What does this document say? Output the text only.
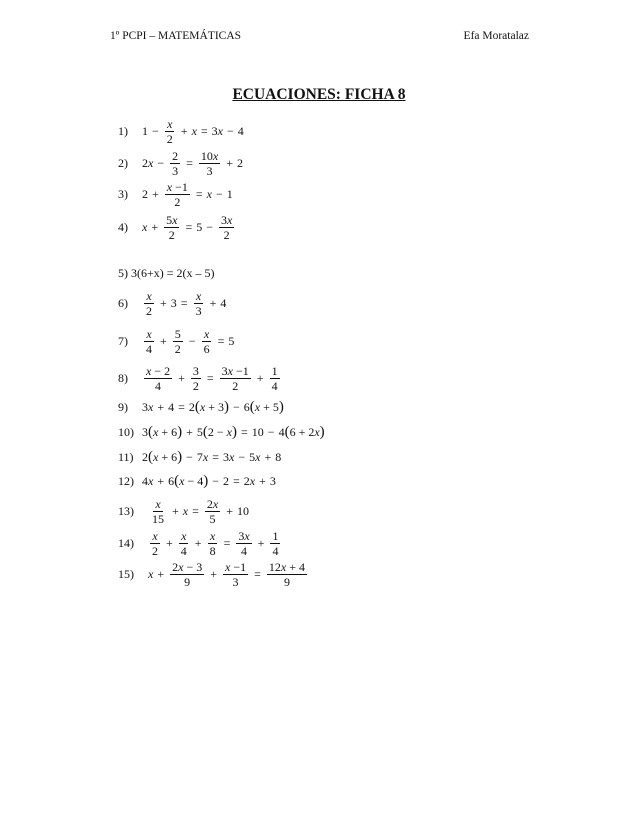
1º PCPI – MATEMÁTICAS	Efa Moratalaz
ECUACIONES: FICHA 8
1)	$1 - \frac{x}{2} + x = 3x - 4$
2)	$2x - \frac{2}{3} = \frac{10x}{3} + 2$
3)	$2 + \frac{x -1}{2} = x - 1$
4)	$x + \frac{5x}{2} = 5 - \frac{3x}{2}$
5) 3(6+x) = 2(x – 5)
6)	$\frac{x}{2} + 3 = \frac{x}{3} + 4$
7)	$\frac{x}{4} + \frac{5}{2} - \frac{x}{6} = 5$
8)	$\frac{x - 2}{4} + \frac{3}{2} = \frac{3x -1}{2} + \frac{1}{4}$
9)	3x + 4 = 2(x + 3) − 6(x + 5)
10) 3(x + 6) + 5(2 − x) = 10 − 4(6 + 2x)
11) 2(x + 6) − 7x = 3x − 5x + 8
12) 4x + 6(x − 4) − 2 = 2x + 3
13)	$\frac{x}{15} + x = \frac{2x}{5} + 10$
14)	$\frac{x}{2} + \frac{x}{4} + \frac{x}{8} = \frac{3x}{4} + \frac{1}{4}$
15)	$x + \frac{2x - 3}{9} + \frac{x -1}{3} = \frac{12x + 4}{9}$
